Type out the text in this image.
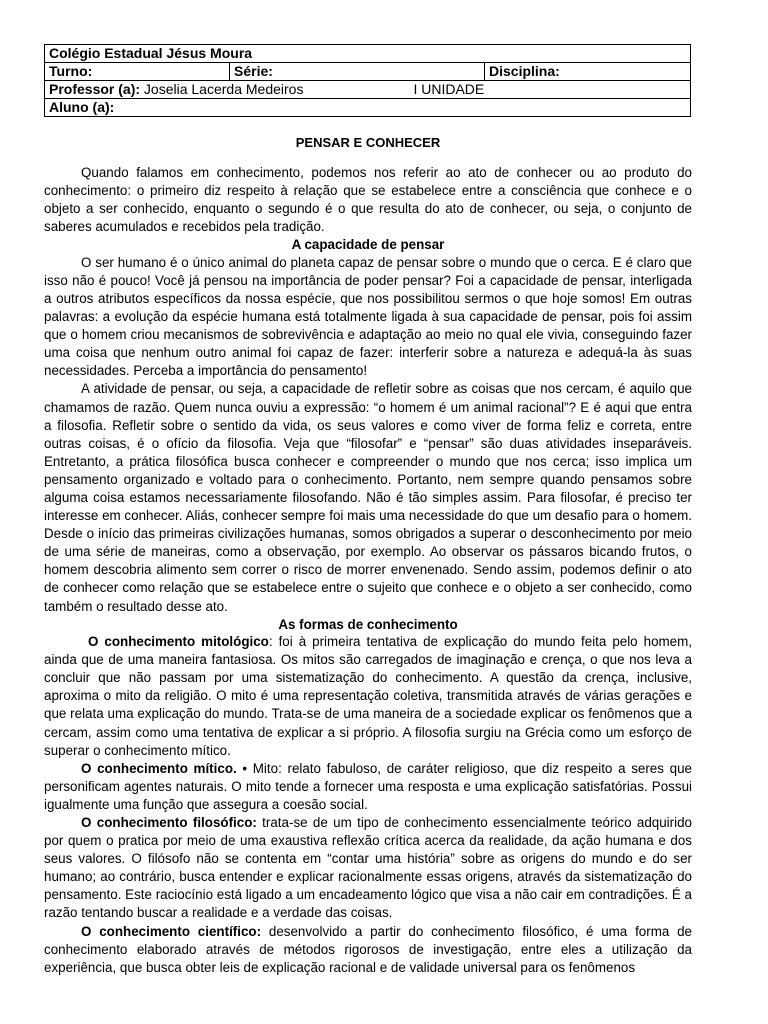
Colégio Estadual Jésus Moura
Turno:	Série:	Disciplina:
Professor (a): Joselia Lacerda Medeiros	I UNIDADE
Aluno (a):
PENSAR E CONHECER

Quando falamos em conhecimento, podemos nos referir ao ato de conhecer ou ao produto do conhecimento: o primeiro diz respeito à relação que se estabelece entre a consciência que conhece e o objeto a ser conhecido, enquanto o segundo é o que resulta do ato de conhecer, ou seja, o conjunto de saberes acumulados e recebidos pela tradição.

A capacidade de pensar

O ser humano é o único animal do planeta capaz de pensar sobre o mundo que o cerca. E é claro que isso não é pouco! Você já pensou na importância de poder pensar? Foi a capacidade de pensar, interligada a outros atributos específicos da nossa espécie, que nos possibilitou sermos o que hoje somos! Em outras palavras: a evolução da espécie humana está totalmente ligada à sua capacidade de pensar, pois foi assim que o homem criou mecanismos de sobrevivência e adaptação ao meio no qual ele vivia, conseguindo fazer uma coisa que nenhum outro animal foi capaz de fazer: interferir sobre a natureza e adequá-la às suas necessidades. Perceba a importância do pensamento!

A atividade de pensar, ou seja, a capacidade de refletir sobre as coisas que nos cercam, é aquilo que chamamos de razão. Quem nunca ouviu a expressão: “o homem é um animal racional”? E é aqui que entra a filosofia. Refletir sobre o sentido da vida, os seus valores e como viver de forma feliz e correta, entre outras coisas, é o ofício da filosofia. Veja que “filosofar” e “pensar” são duas atividades inseparáveis. Entretanto, a prática filosófica busca conhecer e compreender o mundo que nos cerca; isso implica um pensamento organizado e voltado para o conhecimento. Portanto, nem sempre quando pensamos sobre alguma coisa estamos necessariamente filosofando. Não é tão simples assim. Para filosofar, é preciso ter interesse em conhecer. Aliás, conhecer sempre foi mais uma necessidade do que um desafio para o homem. Desde o início das primeiras civilizações humanas, somos obrigados a superar o desconhecimento por meio de uma série de maneiras, como a observação, por exemplo. Ao observar os pássaros bicando frutos, o homem descobria alimento sem correr o risco de morrer envenenado. Sendo assim, podemos definir o ato de conhecer como relação que se estabelece entre o sujeito que conhece e o objeto a ser conhecido, como também o resultado desse ato.

As formas de conhecimento

O conhecimento mitológico: foi à primeira tentativa de explicação do mundo feita pelo homem, ainda que de uma maneira fantasiosa. Os mitos são carregados de imaginação e crença, o que nos leva a concluir que não passam por uma sistematização do conhecimento. A questão da crença, inclusive, aproxima o mito da religião. O mito é uma representação coletiva, transmitida através de várias gerações e que relata uma explicação do mundo. Trata-se de uma maneira de a sociedade explicar os fenômenos que a cercam, assim como uma tentativa de explicar a si próprio. A filosofia surgiu na Grécia como um esforço de superar o conhecimento mítico.

O conhecimento mítico. • Mito: relato fabuloso, de caráter religioso, que diz respeito a seres que personificam agentes naturais. O mito tende a fornecer uma resposta e uma explicação satisfatórias. Possui igualmente uma função que assegura a coesão social.

O conhecimento filosófico: trata-se de um tipo de conhecimento essencialmente teórico adquirido por quem o pratica por meio de uma exaustiva reflexão crítica acerca da realidade, da ação humana e dos seus valores. O filósofo não se contenta em “contar uma história” sobre as origens do mundo e do ser humano; ao contrário, busca entender e explicar racionalmente essas origens, através da sistematização do pensamento. Este raciocínio está ligado a um encadeamento lógico que visa a não cair em contradições. É a razão tentando buscar a realidade e a verdade das coisas.

O conhecimento científico: desenvolvido a partir do conhecimento filosófico, é uma forma de conhecimento elaborado através de métodos rigorosos de investigação, entre eles a utilização da experiência, que busca obter leis de explicação racional e de validade universal para os fenômenos
